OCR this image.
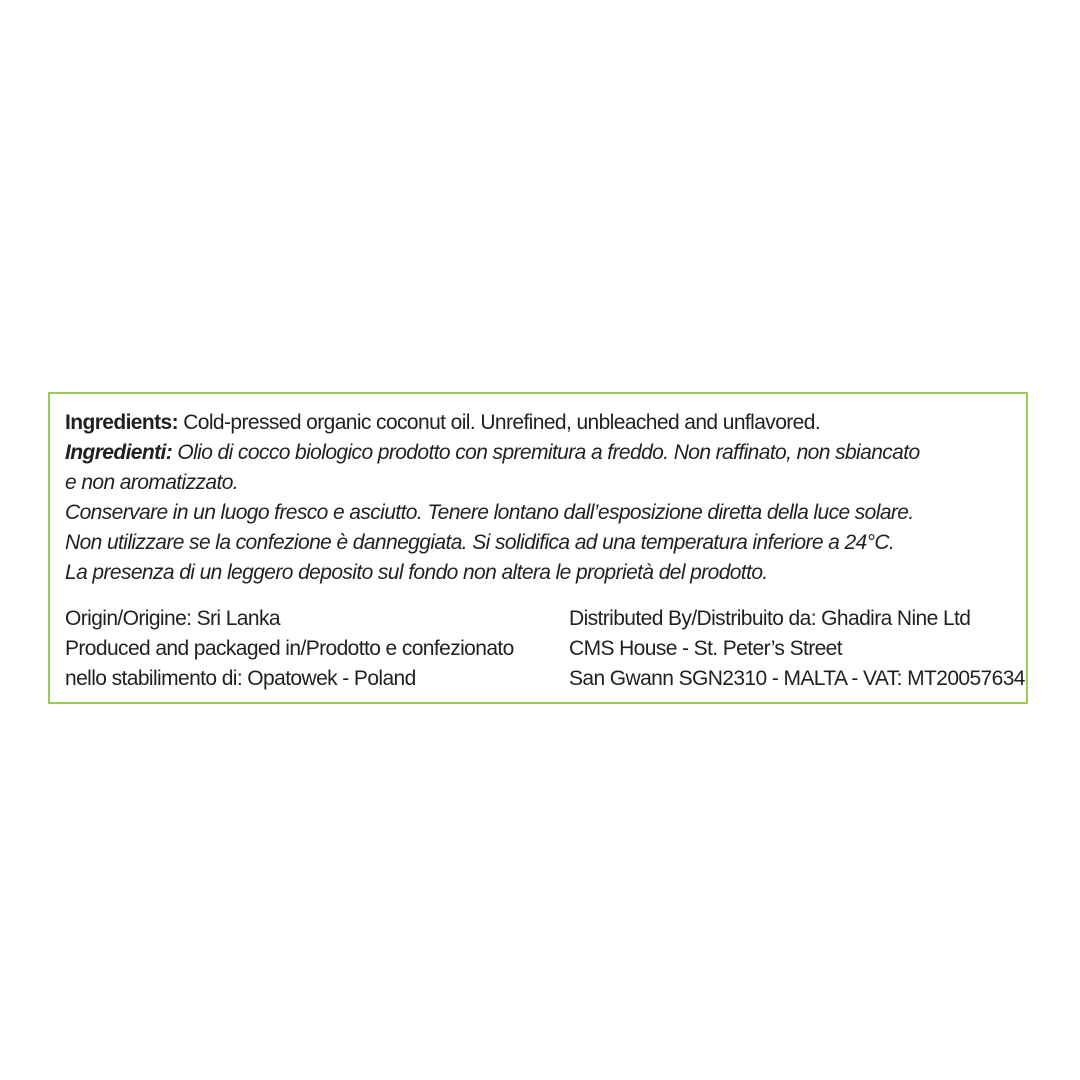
Ingredients: Cold-pressed organic coconut oil. Unrefined, unbleached and unflavored.
Ingredienti: Olio di cocco biologico prodotto con spremitura a freddo. Non raffinato, non sbiancato
e non aromatizzato.
Conservare in un luogo fresco e asciutto. Tenere lontano dall’esposizione diretta della luce solare.
Non utilizzare se la confezione è danneggiata. Si solidifica ad una temperatura inferiore a 24°C.
La presenza di un leggero deposito sul fondo non altera le proprietà del prodotto.
Origin/Origine: Sri Lanka
Produced and packaged in/Prodotto e confezionato
nello stabilimento di: Opatowek - Poland
Distributed By/Distribuito da: Ghadira Nine Ltd
CMS House - St. Peter’s Street
San Gwann SGN2310 - MALTA - VAT: MT20057634
